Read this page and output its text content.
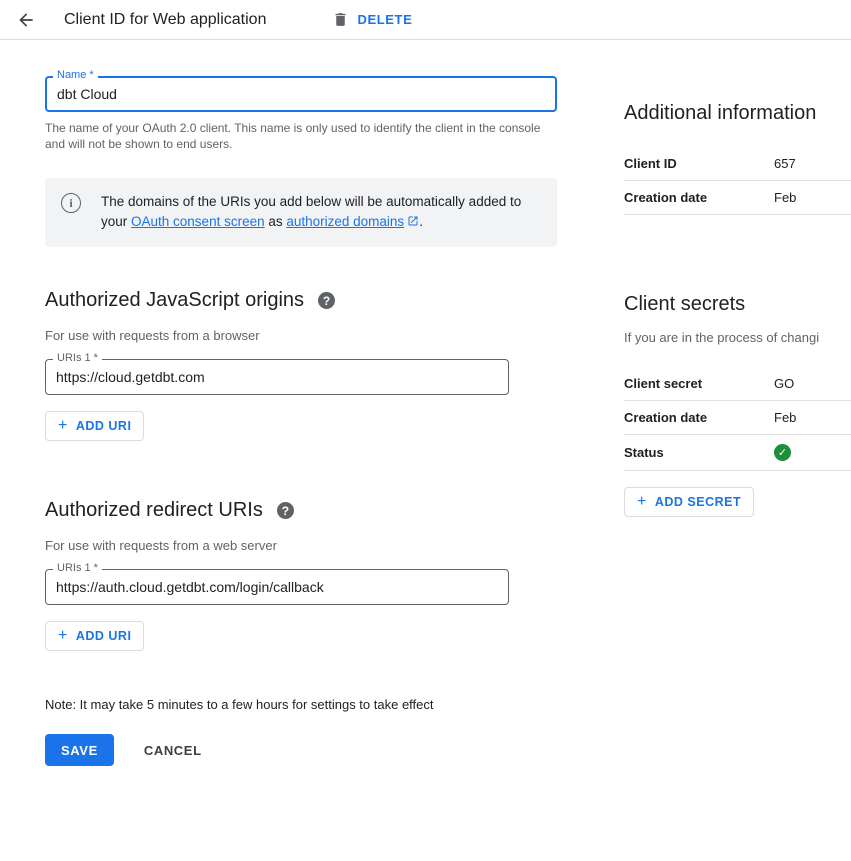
Client ID for Web application	DELETE
Name *
dbt Cloud
The name of your OAuth 2.0 client. This name is only used to identify the client in the console and will not be shown to end users.
i	The domains of the URIs you add below will be automatically added to your OAuth consent screen as authorized domains .
Authorized JavaScript origins	?
For use with requests from a browser
URIs 1 *
https://cloud.getdbt.com
+ ADD URI
Authorized redirect URIs	?
For use with requests from a web server
URIs 1 *
https://auth.cloud.getdbt.com/login/callback
+ ADD URI
Note: It may take 5 minutes to a few hours for settings to take effect
SAVE	CANCEL
Additional information
Client ID	657
Creation date	Feb
Client secrets
If you are in the process of changi
Client secret	GO
Creation date	Feb
Status	✓
+ ADD SECRET
